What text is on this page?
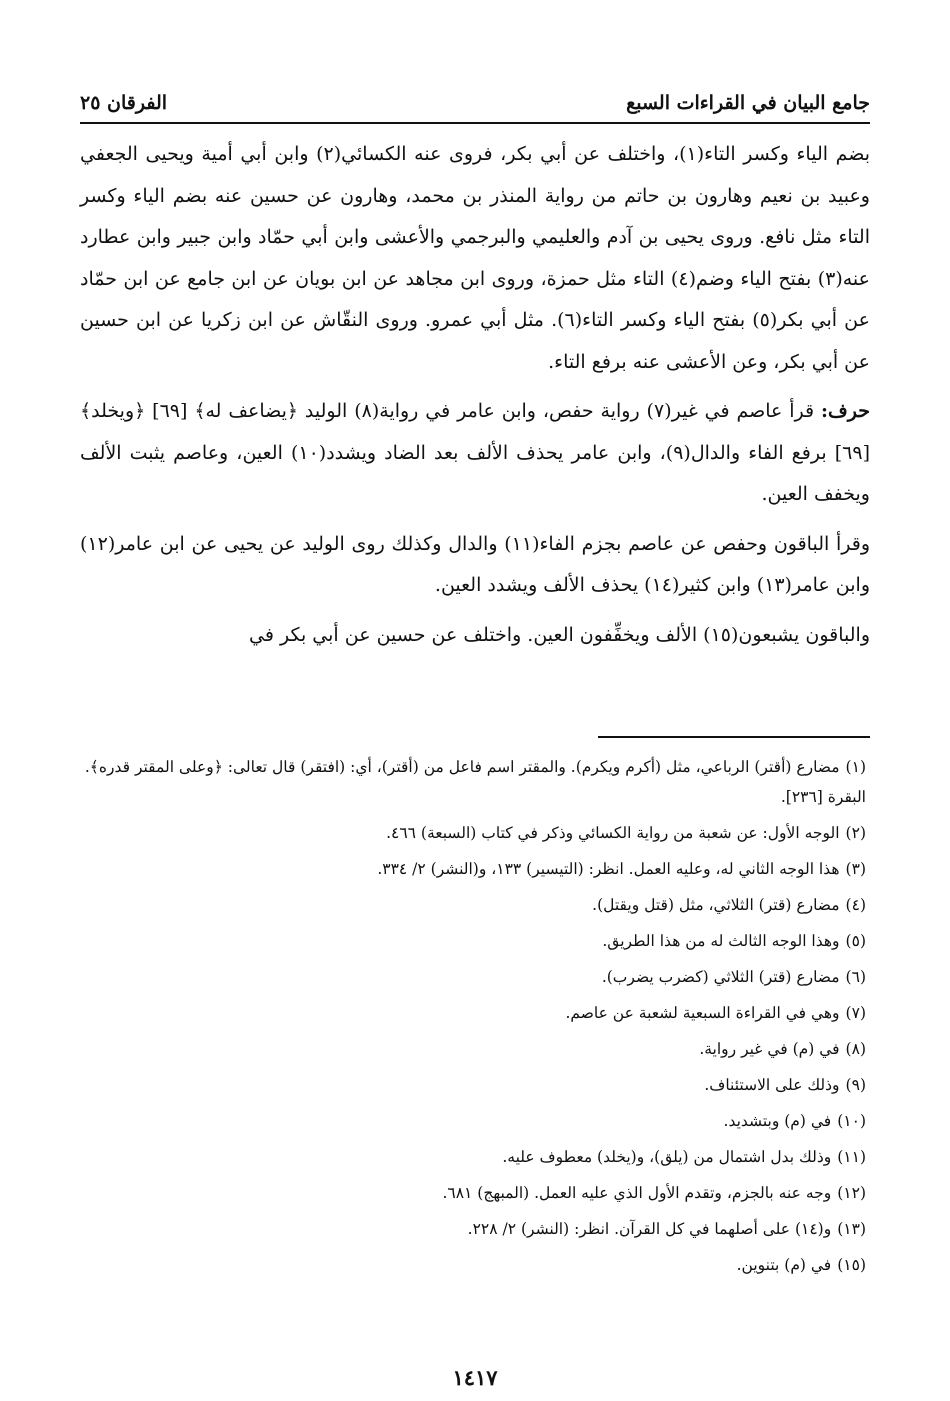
جامع البيان في القراءات السبع
الفرقان ٢٥

بضم الياء وكسر التاء(١)، واختلف عن أبي بكر، فروى عنه الكسائي(٢) وابن أبي أمية ويحيى الجعفي وعبيد بن نعيم وهارون بن حاتم من رواية المنذر بن محمد، وهارون عن حسين عنه بضم الياء وكسر التاء مثل نافع. وروى يحيى بن آدم والعليمي والبرجمي والأعشى وابن أبي حمّاد وابن جبير وابن عطارد عنه(٣) بفتح الياء وضم(٤) التاء مثل حمزة، وروى ابن مجاهد عن ابن بويان عن ابن جامع عن ابن حمّاد عن أبي بكر(٥) بفتح الياء وكسر التاء(٦). مثل أبي عمرو. وروى النقّاش عن ابن زكريا عن ابن حسين عن أبي بكر، وعن الأعشى عنه برفع التاء.

حرف: قرأ عاصم في غير(٧) رواية حفص، وابن عامر في رواية(٨) الوليد ﴿يضاعف له﴾ [٦٩] ﴿ويخلد﴾ [٦٩] برفع الفاء والدال(٩)، وابن عامر يحذف الألف بعد الضاد ويشدد(١٠) العين، وعاصم يثبت الألف ويخفف العين.

وقرأ الباقون وحفص عن عاصم بجزم الفاء(١١) والدال وكذلك روى الوليد عن يحيى عن ابن عامر(١٢) وابن عامر(١٣) وابن كثير(١٤) يحذف الألف ويشدد العين.

والباقون يشبعون(١٥) الألف ويخفِّفون العين. واختلف عن حسين عن أبي بكر في

(١)مضارع (أقتر) الرباعي، مثل (أكرم ويكرم). والمقتر اسم فاعل من (أقتر)، أي: (افتقر) قال تعالى: ﴿وعلى المقتر قدره﴾. البقرة [٢٣٦].
(٢)الوجه الأول: عن شعبة من رواية الكسائي وذكر في كتاب (السبعة) ٤٦٦.
(٣)هذا الوجه الثاني له، وعليه العمل. انظر: (التيسير) ١٣٣، و(النشر) ٢/ ٣٣٤.
(٤)مضارع (قتر) الثلاثي، مثل (قتل ويقتل).
(٥)وهذا الوجه الثالث له من هذا الطريق.
(٦)مضارع (قتر) الثلاثي (كضرب يضرب).
(٧)وهي في القراءة السبعية لشعبة عن عاصم.
(٨)في (م) في غير رواية.
(٩)وذلك على الاستئناف.
(١٠)في (م) وبتشديد.
(١١)وذلك بدل اشتمال من (يلق)، و(يخلد) معطوف عليه.
(١٢)وجه عنه بالجزم، وتقدم الأول الذي عليه العمل. (المبهج) ٦٨١.
(١٣)و(١٤) على أصلهما في كل القرآن. انظر: (النشر) ٢/ ٢٢٨.
(١٥)في (م) بتنوين.
١٤١٧
